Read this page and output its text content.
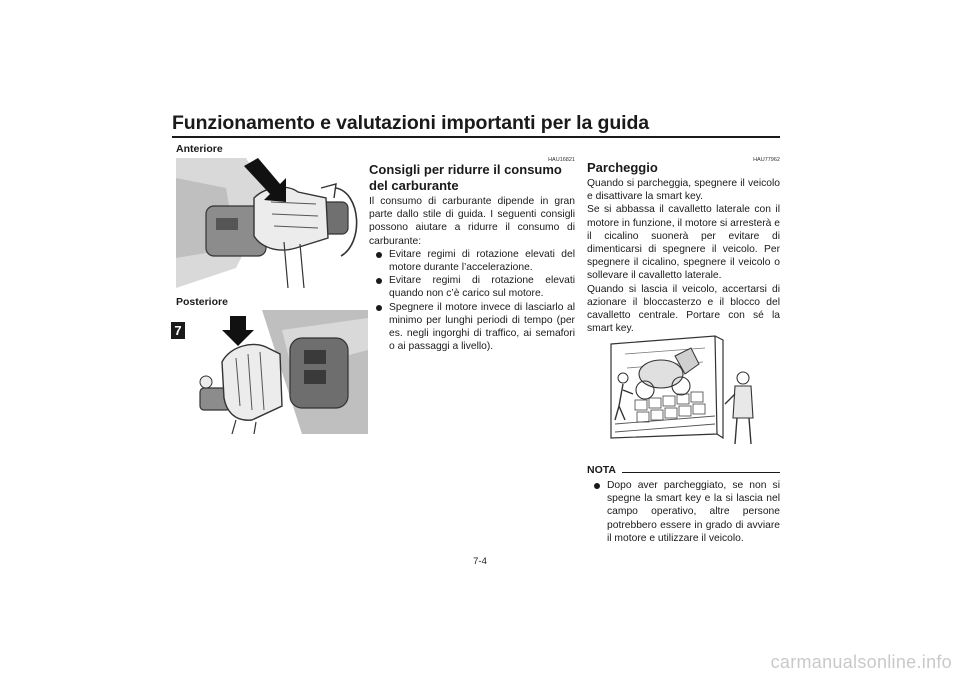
Funzionamento e valutazioni importanti per la guida
7
Anteriore
Posteriore
HAU16821
Consigli per ridurre il consumo del carburante

Il consumo di carburante dipende in gran parte dallo stile di guida. I seguenti consigli possono aiutare a ridurre il consumo di carburante:

Evitare regimi di rotazione elevati del motore durante l’accelerazione.
Evitare regimi di rotazione elevati quando non c’è carico sul motore.
Spegnere il motore invece di lasciarlo al minimo per lunghi periodi di tempo (per es. negli ingorghi di traffico, ai semafori o ai passaggi a livello).
HAU77962
Parcheggio

Quando si parcheggia, spegnere il veicolo e disattivare la smart key.

Se si abbassa il cavalletto laterale con il motore in funzione, il motore si arresterà e il cicalino suonerà per evitare di dimenticarsi di spegnere il veicolo. Per spegnere il cicalino, spegnere il veicolo o sollevare il cavalletto laterale.

Quando si lascia il veicolo, accertarsi di azionare il bloccasterzo e il blocco del cavalletto centrale. Portare con sé la smart key.

NOTA
Dopo aver parcheggiato, se non si spegne la smart key e la si lascia nel campo operativo, altre persone potrebbero essere in grado di avviare il motore e utilizzare il veicolo.
7-4
carmanualsonline.info
